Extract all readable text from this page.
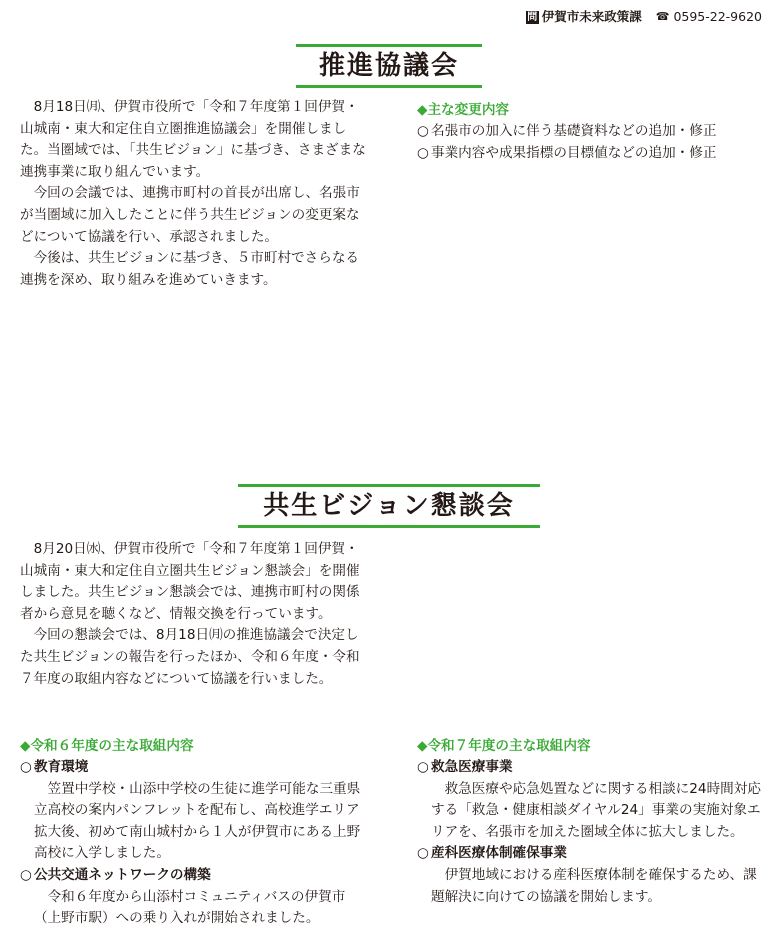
問 伊賀市未来政策課 ☎ 0595-22-9620
推進協議会

8月18日㈪、伊賀市役所で「令和７年度第１回伊賀・山城南・東大和定住自立圏推進協議会」を開催しました。当圏域では、「共生ビジョン」に基づき、さまざまな連携事業に取り組んでいます。

今回の会議では、連携市町村の首長が出席し、名張市が当圏域に加入したことに伴う共生ビジョンの変更案などについて協議を行い、承認されました。

今後は、共生ビジョンに基づき、５市町村でさらなる連携を深め、取り組みを進めていきます。

◆主な変更内容
○ 名張市の加入に伴う基礎資料などの追加・修正
○ 事業内容や成果指標の目標値などの追加・修正
共生ビジョン懇談会

8月20日㈬、伊賀市役所で「令和７年度第１回伊賀・山城南・東大和定住自立圏共生ビジョン懇談会」を開催しました。共生ビジョン懇談会では、連携市町村の関係者から意見を聴くなど、情報交換を行っています。

今回の懇談会では、8月18日㈪の推進協議会で決定した共生ビジョンの報告を行ったほか、令和６年度・令和７年度の取組内容などについて協議を行いました。

◆令和６年度の主な取組内容
○ 教育環境
笠置中学校・山添中学校の生徒に進学可能な三重県立高校の案内パンフレットを配布し、高校進学エリア拡大後、初めて南山城村から１人が伊賀市にある上野高校に入学しました。
○ 公共交通ネットワークの構築
令和６年度から山添村コミュニティバスの伊賀市（上野市駅）への乗り入れが開始されました。
◆令和７年度の主な取組内容
○ 救急医療事業
救急医療や応急処置などに関する相談に24時間対応する「救急・健康相談ダイヤル24」事業の実施対象エリアを、名張市を加えた圏域全体に拡大しました。
○ 産科医療体制確保事業
伊賀地域における産科医療体制を確保するため、課題解決に向けての協議を開始します。
